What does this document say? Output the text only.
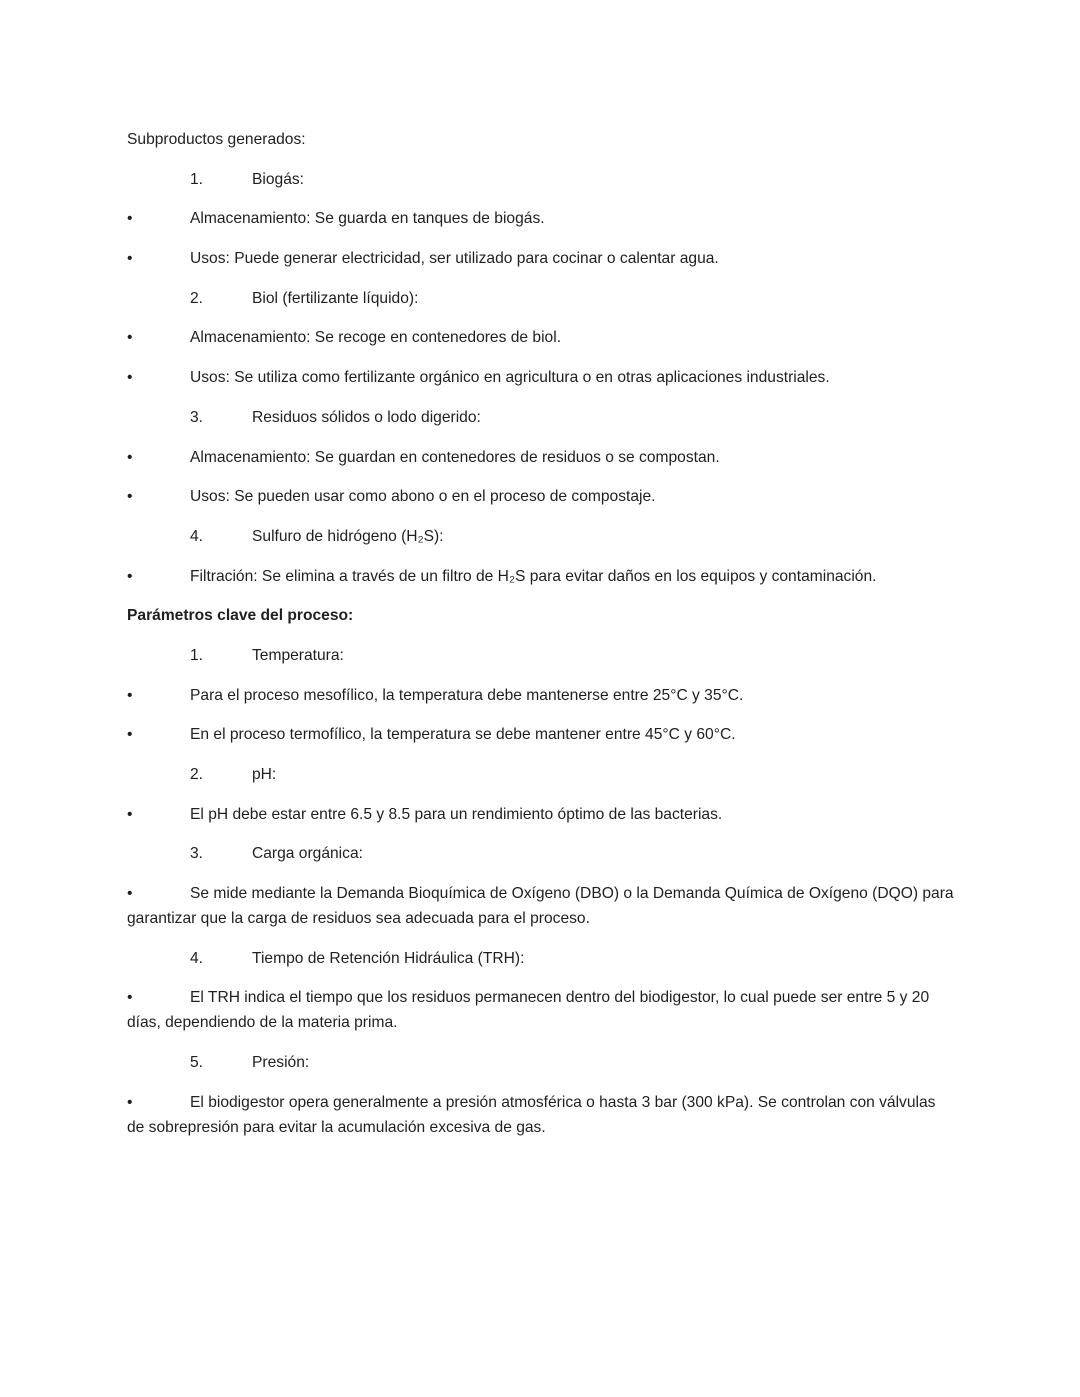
Subproductos generados:
1.	Biogás:
•	Almacenamiento: Se guarda en tanques de biogás.
•	Usos: Puede generar electricidad, ser utilizado para cocinar o calentar agua.
2.	Biol (fertilizante líquido):
•	Almacenamiento: Se recoge en contenedores de biol.
•	Usos: Se utiliza como fertilizante orgánico en agricultura o en otras aplicaciones industriales.
3.	Residuos sólidos o lodo digerido:
•	Almacenamiento: Se guardan en contenedores de residuos o se compostan.
•	Usos: Se pueden usar como abono o en el proceso de compostaje.
4.	Sulfuro de hidrógeno (H₂S):
•	Filtración: Se elimina a través de un filtro de H₂S para evitar daños en los equipos y contaminación.
Parámetros clave del proceso:
1.	Temperatura:
•	Para el proceso mesofílico, la temperatura debe mantenerse entre 25°C y 35°C.
•	En el proceso termofílico, la temperatura se debe mantener entre 45°C y 60°C.
2.	pH:
•	El pH debe estar entre 6.5 y 8.5 para un rendimiento óptimo de las bacterias.
3.	Carga orgánica:
•	Se mide mediante la Demanda Bioquímica de Oxígeno (DBO) o la Demanda Química de Oxígeno (DQO) para garantizar que la carga de residuos sea adecuada para el proceso.
4.	Tiempo de Retención Hidráulica (TRH):
•	El TRH indica el tiempo que los residuos permanecen dentro del biodigestor, lo cual puede ser entre 5 y 20 días, dependiendo de la materia prima.
5.	Presión:
•	El biodigestor opera generalmente a presión atmosférica o hasta 3 bar (300 kPa). Se controlan con válvulas de sobrepresión para evitar la acumulación excesiva de gas.
